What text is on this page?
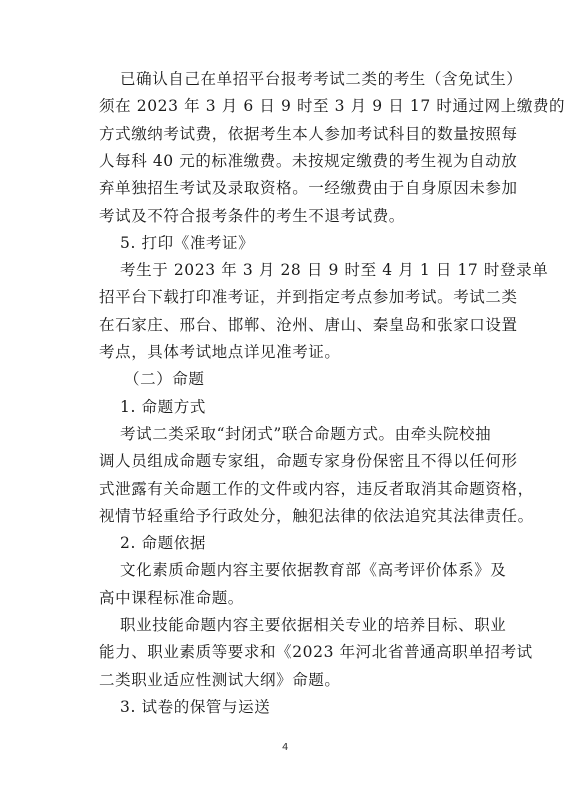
已确认自己在单招平台报考考试二类的考生（含免试生）
须在 2023 年 3 月 6 日 9 时至 3 月 9 日 17 时通过网上缴费的
方式缴纳考试费，依据考生本人参加考试科目的数量按照每
人每科 40 元的标准缴费。未按规定缴费的考生视为自动放
弃单独招生考试及录取资格。一经缴费由于自身原因未参加
考试及不符合报考条件的考生不退考试费。
5. 打印《准考证》
考生于 2023 年 3 月 28 日 9 时至 4 月 1 日 17 时登录单
招平台下载打印准考证，并到指定考点参加考试。考试二类
在石家庄、邢台、邯郸、沧州、唐山、秦皇岛和张家口设置
考点，具体考试地点详见准考证。
（二）命题
1. 命题方式
考试二类采取“封闭式”联合命题方式。由牵头院校抽
调人员组成命题专家组，命题专家身份保密且不得以任何形
式泄露有关命题工作的文件或内容，违反者取消其命题资格，
视情节轻重给予行政处分，触犯法律的依法追究其法律责任。
2. 命题依据
文化素质命题内容主要依据教育部《高考评价体系》及
高中课程标准命题。
职业技能命题内容主要依据相关专业的培养目标、职业
能力、职业素质等要求和《2023 年河北省普通高职单招考试
二类职业适应性测试大纲》命题。
3. 试卷的保管与运送
4
